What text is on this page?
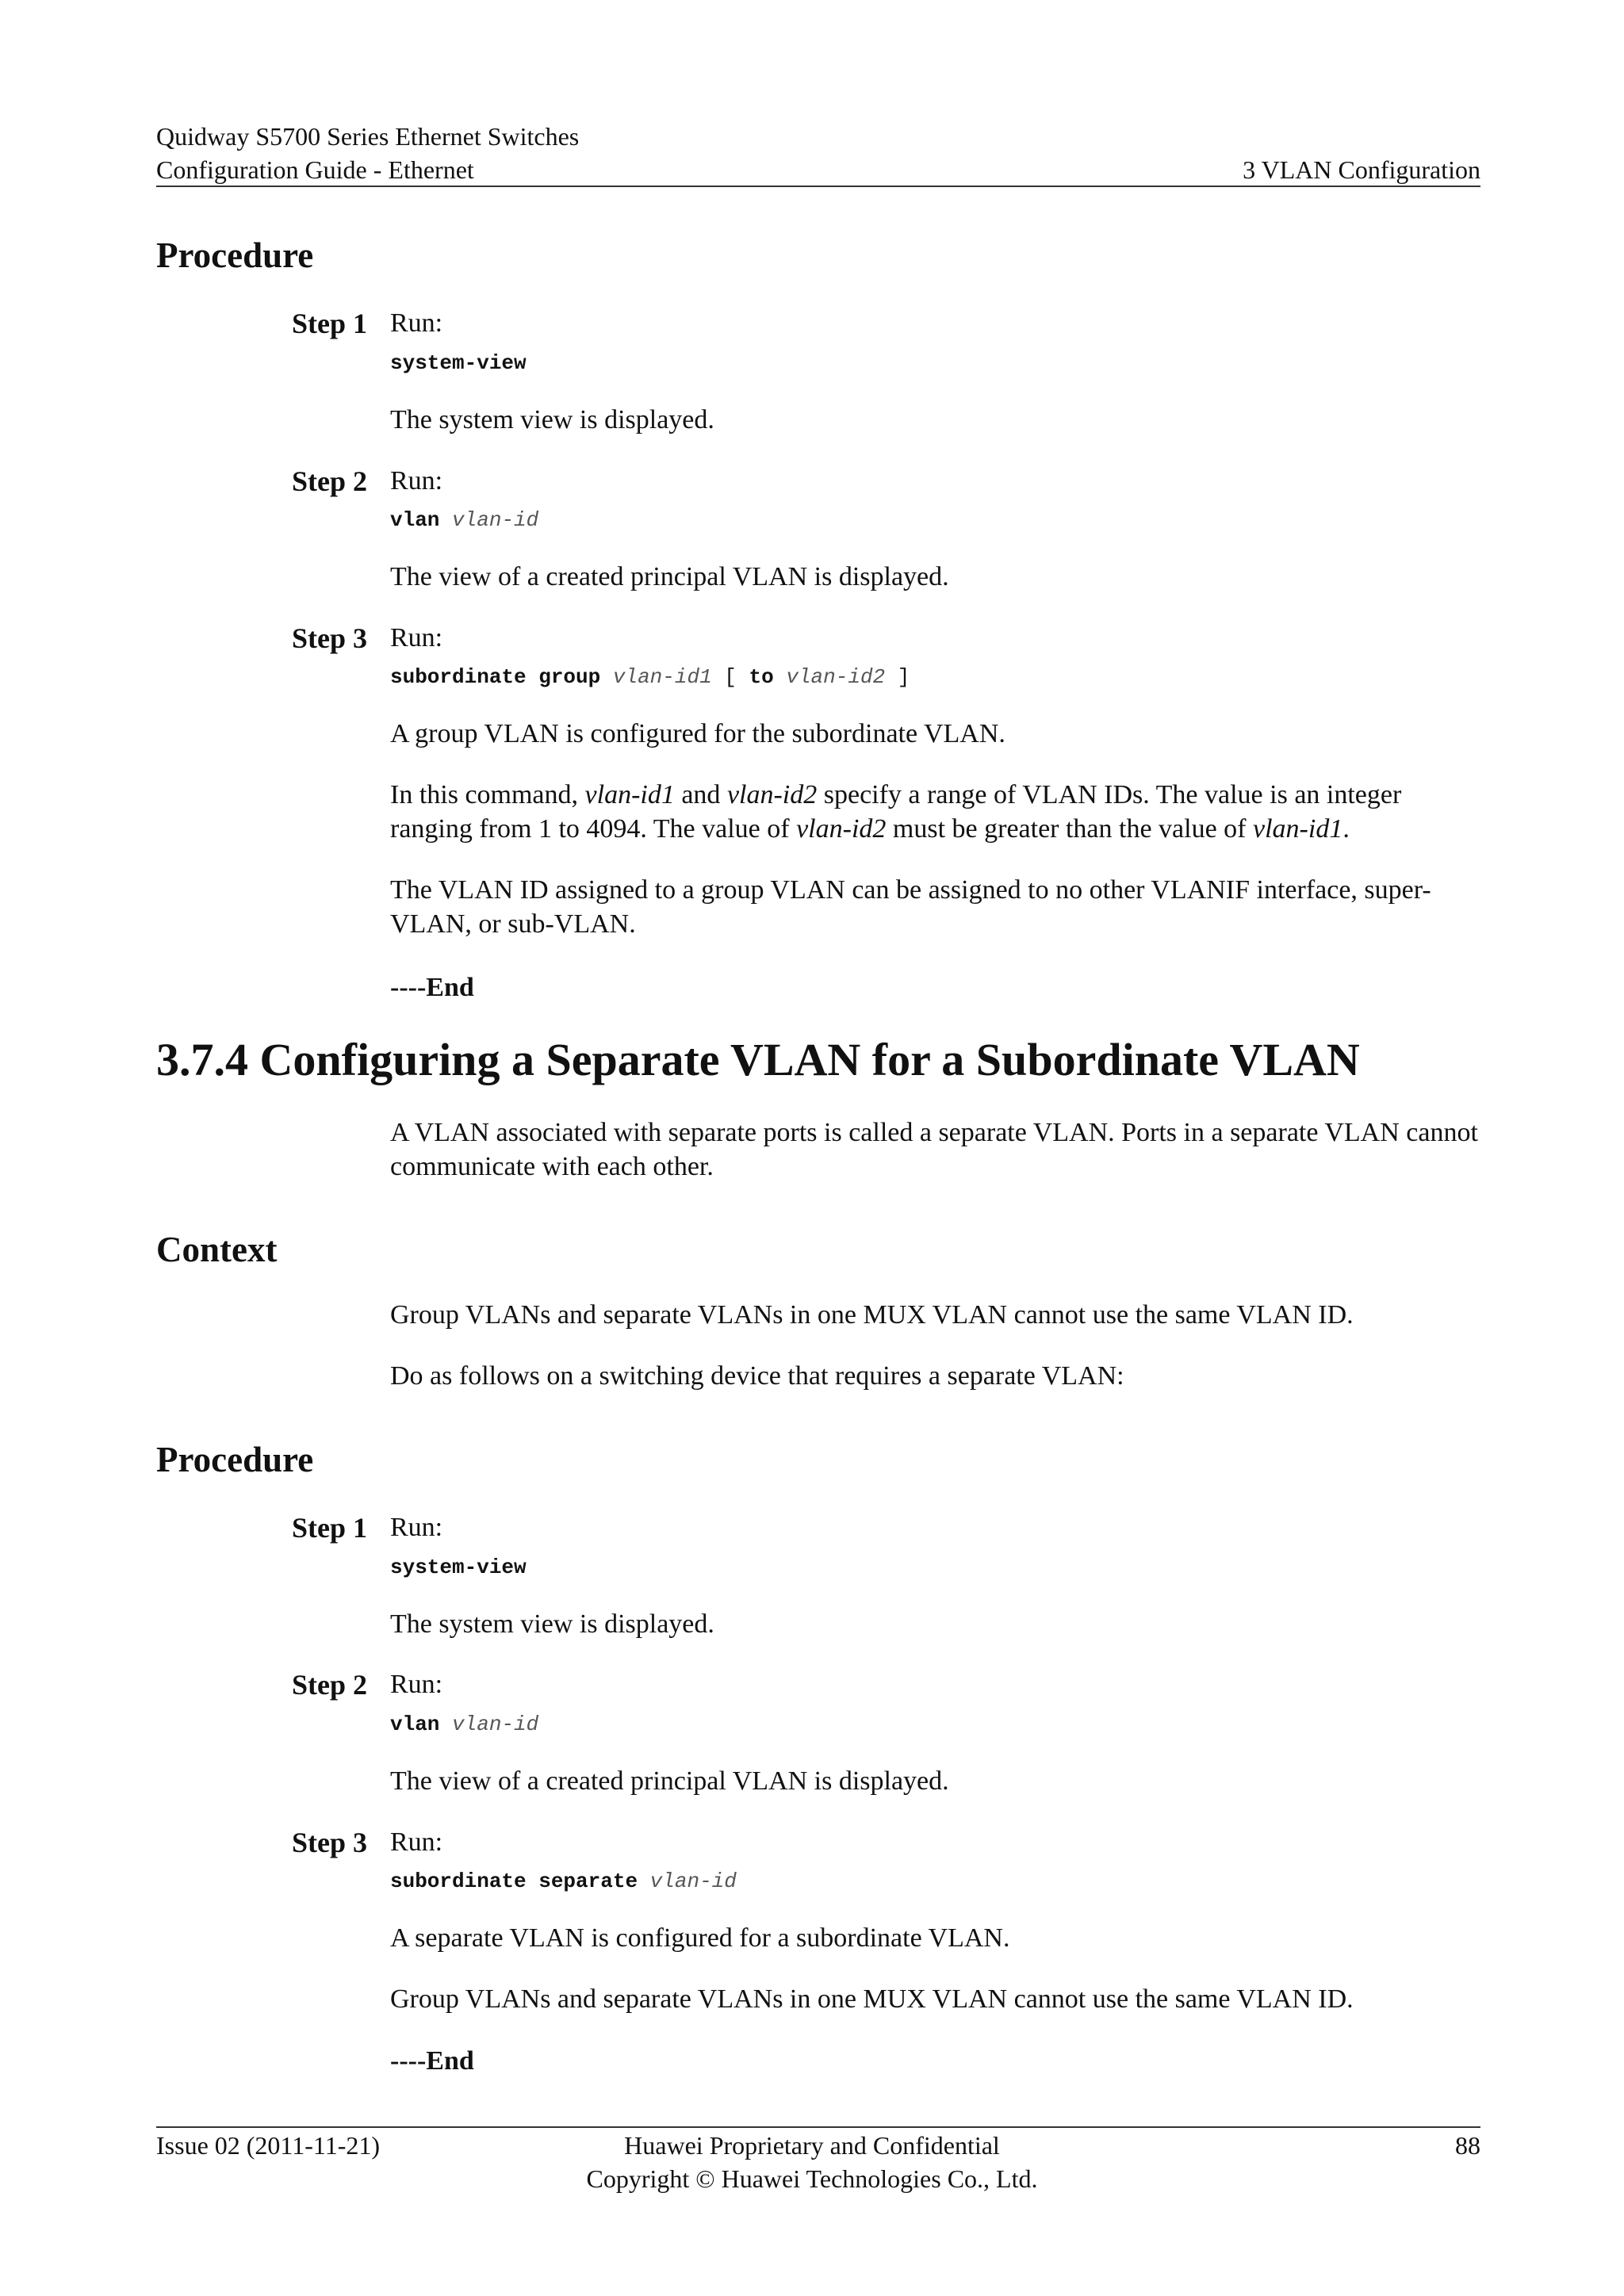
Quidway S5700 Series Ethernet Switches
Configuration Guide - Ethernet	3 VLAN Configuration
Procedure
Step 1 Run:
system-view
The system view is displayed.
Step 2 Run:
vlan vlan-id
The view of a created principal VLAN is displayed.
Step 3 Run:
subordinate group vlan-id1 [ to vlan-id2 ]
A group VLAN is configured for the subordinate VLAN.
In this command, vlan-id1 and vlan-id2 specify a range of VLAN IDs. The value is an integer ranging from 1 to 4094. The value of vlan-id2 must be greater than the value of vlan-id1.
The VLAN ID assigned to a group VLAN can be assigned to no other VLANIF interface, super-VLAN, or sub-VLAN.
----End
3.7.4 Configuring a Separate VLAN for a Subordinate VLAN
A VLAN associated with separate ports is called a separate VLAN. Ports in a separate VLAN cannot communicate with each other.
Context
Group VLANs and separate VLANs in one MUX VLAN cannot use the same VLAN ID.
Do as follows on a switching device that requires a separate VLAN:
Procedure
Step 1 Run:
system-view
The system view is displayed.
Step 2 Run:
vlan vlan-id
The view of a created principal VLAN is displayed.
Step 3 Run:
subordinate separate vlan-id
A separate VLAN is configured for a subordinate VLAN.
Group VLANs and separate VLANs in one MUX VLAN cannot use the same VLAN ID.
----End
Issue 02 (2011-11-21)	Huawei Proprietary and Confidential
Copyright © Huawei Technologies Co., Ltd.
88
